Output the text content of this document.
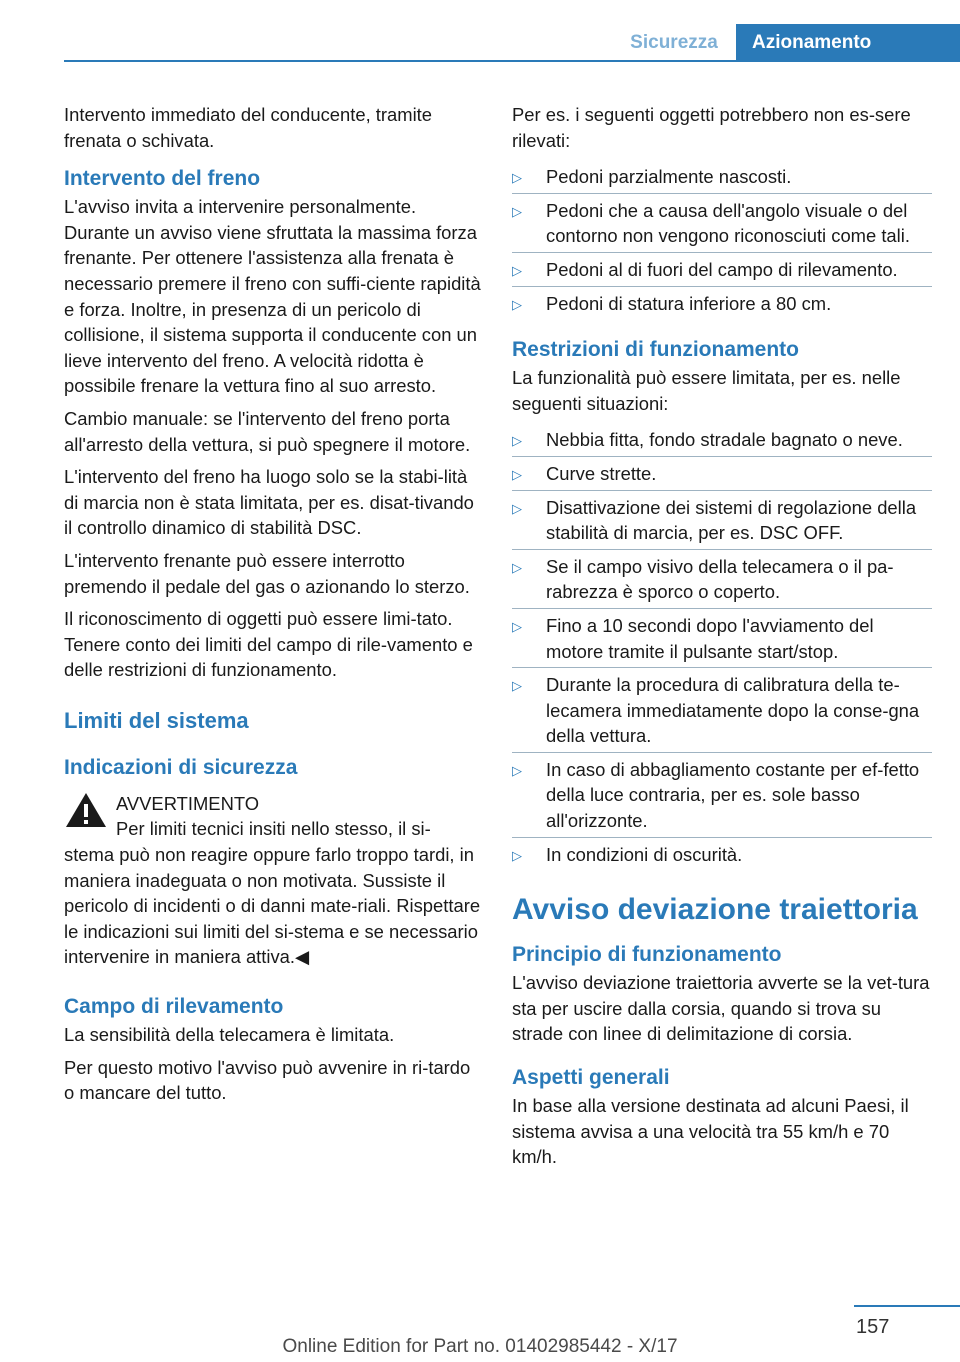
Sicurezza	Azionamento

Intervento immediato del conducente, tramite frenata o schivata.

Intervento del freno

L'avviso invita a intervenire personalmente. Durante un avviso viene sfruttata la massima forza frenante. Per ottenere l'assistenza alla frenata è necessario premere il freno con suffi‐ciente rapidità e forza. Inoltre, in presenza di un pericolo di collisione, il sistema supporta il conducente con un lieve intervento del freno. A velocità ridotta è possibile frenare la vettura fino al suo arresto.

Cambio manuale: se l'intervento del freno porta all'arresto della vettura, si può spegnere il motore.

L'intervento del freno ha luogo solo se la stabi‐lità di marcia non è stata limitata, per es. disat‐tivando il controllo dinamico di stabilità DSC.

L'intervento frenante può essere interrotto premendo il pedale del gas o azionando lo sterzo.

Il riconoscimento di oggetti può essere limi‐tato. Tenere conto dei limiti del campo di rile‐vamento e delle restrizioni di funzionamento.

Limiti del sistema
Indicazioni di sicurezza
AVVERTIMENTO
Per limiti tecnici insiti nello stesso, il si‐
stema può non reagire oppure farlo troppo tardi, in maniera inadeguata o non motivata. Sussiste il pericolo di incidenti o di danni mate‐riali. Rispettare le indicazioni sui limiti del si‐stema e se necessario intervenire in maniera attiva.◀
Campo di rilevamento

La sensibilità della telecamera è limitata.

Per questo motivo l'avviso può avvenire in ri‐tardo o mancare del tutto.

Per es. i seguenti oggetti potrebbero non es‐sere rilevati:

▷ Pedoni parzialmente nascosti.
▷ Pedoni che a causa dell'angolo visuale o del contorno non vengono riconosciuti come tali.
▷ Pedoni al di fuori del campo di rilevamento.
▷ Pedoni di statura inferiore a 80 cm.
Restrizioni di funzionamento

La funzionalità può essere limitata, per es. nelle seguenti situazioni:

▷ Nebbia fitta, fondo stradale bagnato o neve.
▷ Curve strette.
▷ Disattivazione dei sistemi di regolazione della stabilità di marcia, per es. DSC OFF.
▷ Se il campo visivo della telecamera o il pa‐rabrezza è sporco o coperto.
▷ Fino a 10 secondi dopo l'avviamento del motore tramite il pulsante start/stop.
▷ Durante la procedura di calibratura della te‐lecamera immediatamente dopo la conse‐gna della vettura.
▷ In caso di abbagliamento costante per ef‐fetto della luce contraria, per es. sole basso all'orizzonte.
▷ In condizioni di oscurità.
Avviso deviazione traiettoria
Principio di funzionamento

L'avviso deviazione traiettoria avverte se la vet‐tura sta per uscire dalla corsia, quando si trova su strade con linee di delimitazione di corsia.

Aspetti generali

In base alla versione destinata ad alcuni Paesi, il sistema avvisa a una velocità tra 55 km/h e 70 km/h.

157
Online Edition for Part no. 01402985442 - X/17
